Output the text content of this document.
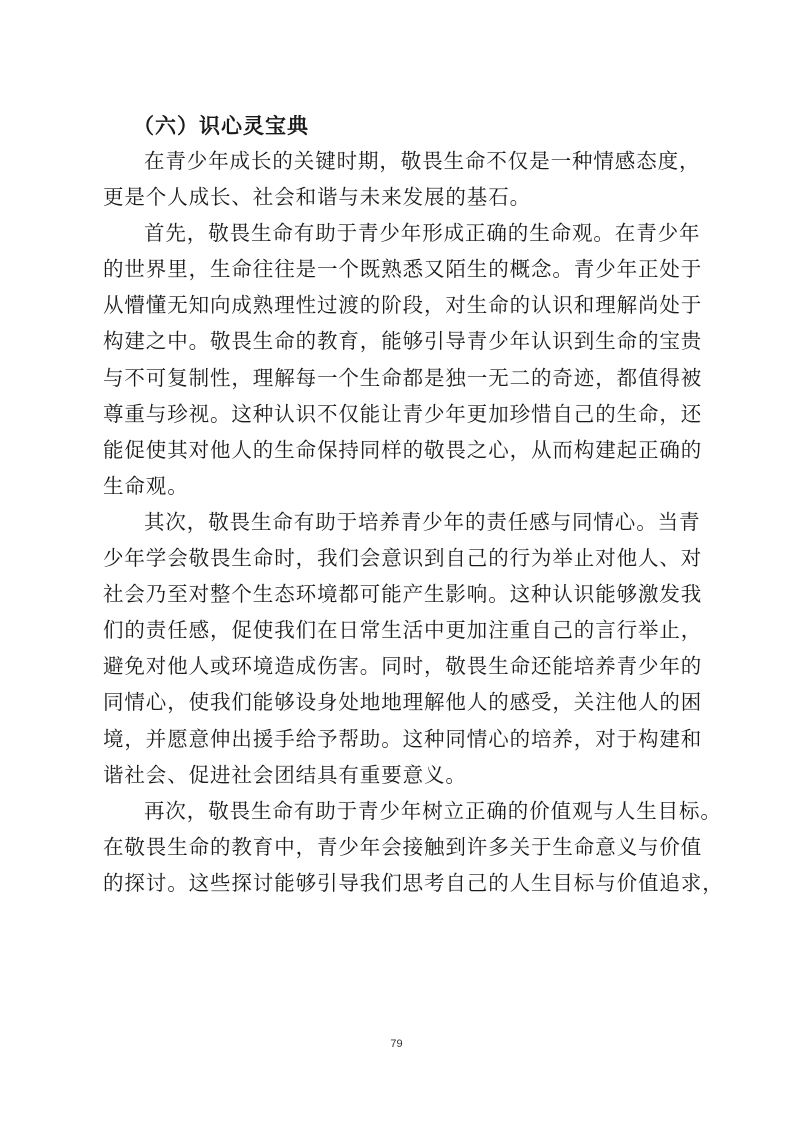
（六）识心灵宝典
在青少年成长的关键时期，敬畏生命不仅是一种情感态度，
更是个人成长、社会和谐与未来发展的基石。
首先，敬畏生命有助于青少年形成正确的生命观。在青少年
的世界里，生命往往是一个既熟悉又陌生的概念。青少年正处于
从懵懂无知向成熟理性过渡的阶段，对生命的认识和理解尚处于
构建之中。敬畏生命的教育，能够引导青少年认识到生命的宝贵
与不可复制性，理解每一个生命都是独一无二的奇迹，都值得被
尊重与珍视。这种认识不仅能让青少年更加珍惜自己的生命，还
能促使其对他人的生命保持同样的敬畏之心，从而构建起正确的
生命观。
其次，敬畏生命有助于培养青少年的责任感与同情心。当青
少年学会敬畏生命时，我们会意识到自己的行为举止对他人、对
社会乃至对整个生态环境都可能产生影响。这种认识能够激发我
们的责任感，促使我们在日常生活中更加注重自己的言行举止，
避免对他人或环境造成伤害。同时，敬畏生命还能培养青少年的
同情心，使我们能够设身处地地理解他人的感受，关注他人的困
境，并愿意伸出援手给予帮助。这种同情心的培养，对于构建和
谐社会、促进社会团结具有重要意义。
再次，敬畏生命有助于青少年树立正确的价值观与人生目标。
在敬畏生命的教育中，青少年会接触到许多关于生命意义与价值
的探讨。这些探讨能够引导我们思考自己的人生目标与价值追求，
79
